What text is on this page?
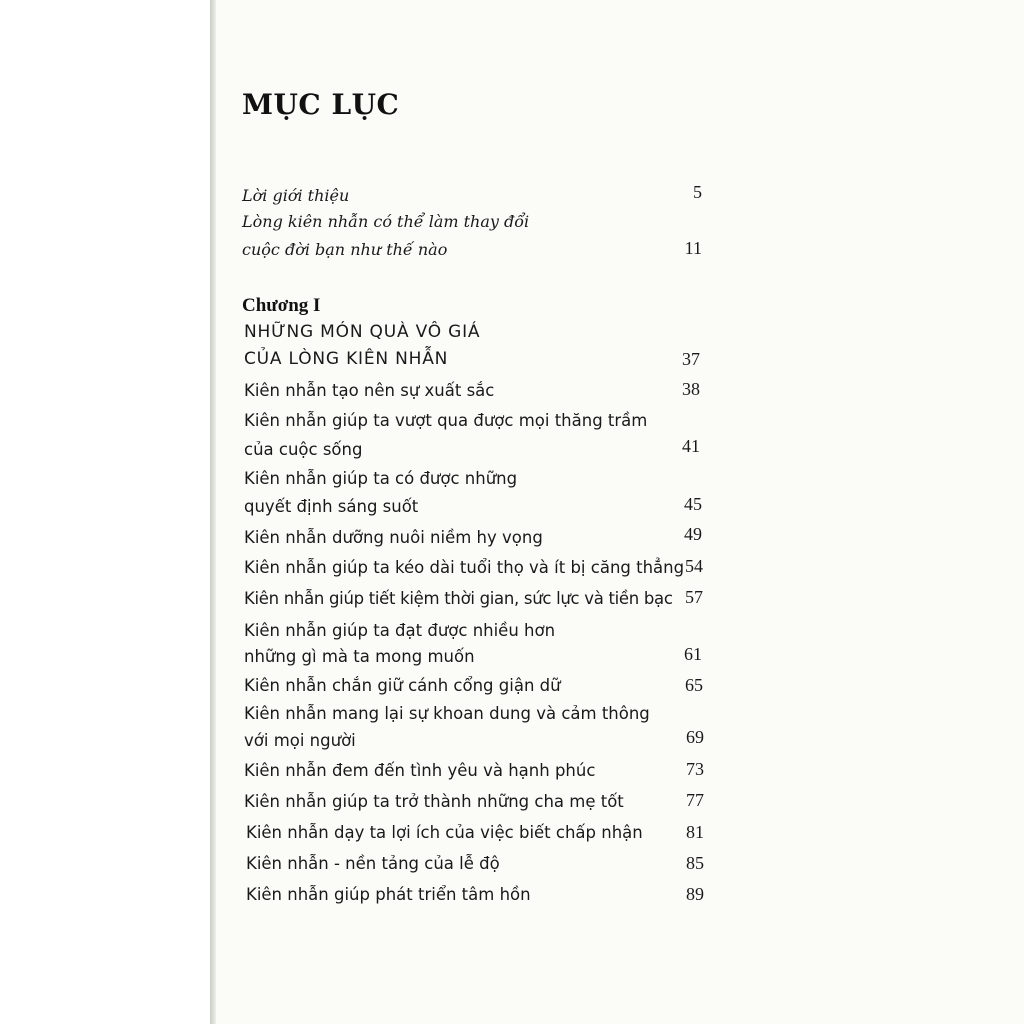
MỤC LỤC
Lời giới thiệu	5
Lòng kiên nhẫn có thể làm thay đổi
cuộc đời bạn như thế nào	11
Chương I
NHỮNG MÓN QUÀ VÔ GIÁ
CỦA LÒNG KIÊN NHẪN	37
Kiên nhẫn tạo nên sự xuất sắc	38
Kiên nhẫn giúp ta vượt qua được mọi thăng trầm
của cuộc sống	41
Kiên nhẫn giúp ta có được những
quyết định sáng suốt	45
Kiên nhẫn dưỡng nuôi niềm hy vọng	49
Kiên nhẫn giúp ta kéo dài tuổi thọ và ít bị căng thẳng 54
Kiên nhẫn giúp tiết kiệm thời gian, sức lực và tiền bạc 57
Kiên nhẫn giúp ta đạt được nhiều hơn
những gì mà ta mong muốn	61
Kiên nhẫn chắn giữ cánh cổng giận dữ	65
Kiên nhẫn mang lại sự khoan dung và cảm thông
với mọi người	69
Kiên nhẫn đem đến tình yêu và hạnh phúc	73
Kiên nhẫn giúp ta trở thành những cha mẹ tốt	77
Kiên nhẫn dạy ta lợi ích của việc biết chấp nhận	81
Kiên nhẫn - nền tảng của lễ độ	85
Kiên nhẫn giúp phát triển tâm hồn	89
